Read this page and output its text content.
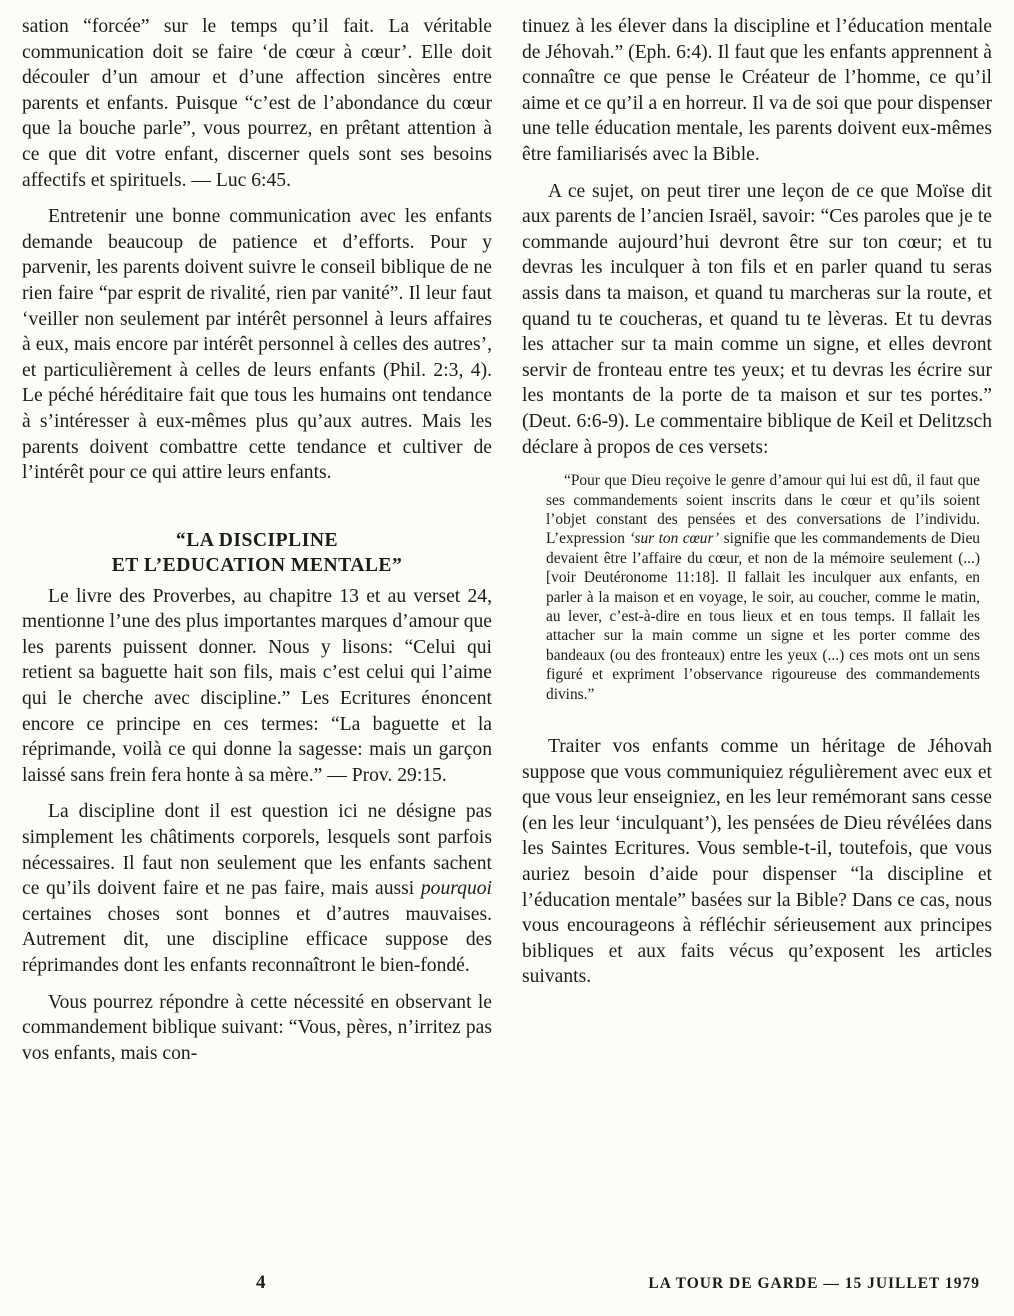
sation “forcée” sur le temps qu’il fait. La véritable communication doit se faire ‘de cœur à cœur’. Elle doit découler d’un amour et d’une affection sincères entre parents et enfants. Puisque “c’est de l’abondance du cœur que la bouche parle”, vous pourrez, en prêtant attention à ce que dit votre enfant, discerner quels sont ses besoins affectifs et spirituels. — Luc 6:45.

Entretenir une bonne communication avec les enfants demande beaucoup de patience et d’efforts. Pour y parvenir, les parents doivent suivre le conseil biblique de ne rien faire “par esprit de rivalité, rien par vanité”. Il leur faut ‘veiller non seulement par intérêt personnel à leurs affaires à eux, mais encore par intérêt personnel à celles des autres’, et particulièrement à celles de leurs enfants (Phil. 2:3, 4). Le péché héréditaire fait que tous les humains ont tendance à s’intéresser à eux-mêmes plus qu’aux autres. Mais les parents doivent combattre cette tendance et cultiver de l’intérêt pour ce qui attire leurs enfants.

“LA DISCIPLINE
ET L’EDUCATION MENTALE”

Le livre des Proverbes, au chapitre 13 et au verset 24, mentionne l’une des plus importantes marques d’amour que les parents puissent donner. Nous y lisons: “Celui qui retient sa baguette hait son fils, mais c’est celui qui l’aime qui le cherche avec discipline.” Les Ecritures énoncent encore ce principe en ces termes: “La baguette et la réprimande, voilà ce qui donne la sagesse: mais un garçon laissé sans frein fera honte à sa mère.” — Prov. 29:15.

La discipline dont il est question ici ne désigne pas simplement les châtiments corporels, lesquels sont parfois nécessaires. Il faut non seulement que les enfants sachent ce qu’ils doivent faire et ne pas faire, mais aussi pourquoi certaines choses sont bonnes et d’autres mauvaises. Autrement dit, une discipline efficace suppose des réprimandes dont les enfants reconnaîtront le bien-fondé.

Vous pourrez répondre à cette nécessité en observant le commandement biblique suivant: “Vous, pères, n’irritez pas vos enfants, mais con-

tinuez à les élever dans la discipline et l’éducation mentale de Jéhovah.” (Eph. 6:4). Il faut que les enfants apprennent à connaître ce que pense le Créateur de l’homme, ce qu’il aime et ce qu’il a en horreur. Il va de soi que pour dispenser une telle éducation mentale, les parents doivent eux-mêmes être familiarisés avec la Bible.

A ce sujet, on peut tirer une leçon de ce que Moïse dit aux parents de l’ancien Israël, savoir: “Ces paroles que je te commande aujourd’hui devront être sur ton cœur; et tu devras les inculquer à ton fils et en parler quand tu seras assis dans ta maison, et quand tu marcheras sur la route, et quand tu te coucheras, et quand tu te lèveras. Et tu devras les attacher sur ta main comme un signe, et elles devront servir de fronteau entre tes yeux; et tu devras les écrire sur les montants de la porte de ta maison et sur tes portes.” (Deut. 6:6-9). Le commentaire biblique de Keil et Delitzsch déclare à propos de ces versets:

“Pour que Dieu reçoive le genre d’amour qui lui est dû, il faut que ses commandements soient inscrits dans le cœur et qu’ils soient l’objet constant des pensées et des conversations de l’individu. L’expression ‘sur ton cœur’ signifie que les commandements de Dieu devaient être l’affaire du cœur, et non de la mémoire seulement (...) [voir Deutéronome 11:18]. Il fallait les inculquer aux enfants, en parler à la maison et en voyage, le soir, au coucher, comme le matin, au lever, c’est-à-dire en tous lieux et en tous temps. Il fallait les attacher sur la main comme un signe et les porter comme des bandeaux (ou des fronteaux) entre les yeux (...) ces mots ont un sens figuré et expriment l’observance rigoureuse des commandements divins.”

Traiter vos enfants comme un héritage de Jéhovah suppose que vous communiquiez régulièrement avec eux et que vous leur enseigniez, en les leur remémorant sans cesse (en les leur ‘inculquant’), les pensées de Dieu révélées dans les Saintes Ecritures. Vous semble-t-il, toutefois, que vous auriez besoin d’aide pour dispenser “la discipline et l’éducation mentale” basées sur la Bible? Dans ce cas, nous vous encourageons à réfléchir sérieusement aux principes bibliques et aux faits vécus qu’exposent les articles suivants.

4	LA TOUR DE GARDE — 15 JUILLET 1979
